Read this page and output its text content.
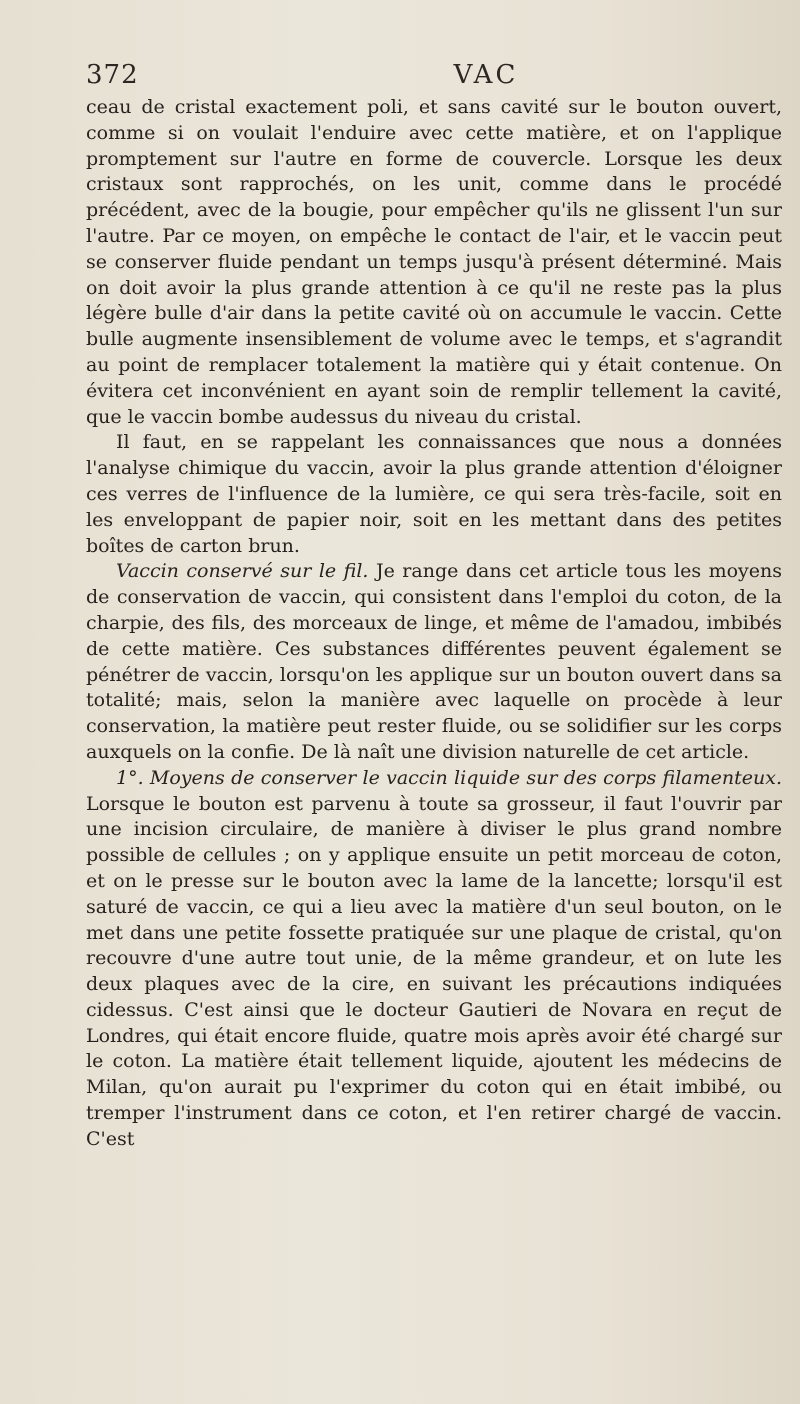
372	VAC

ceau de cristal exactement poli, et sans cavité sur le bouton ouvert, comme si on voulait l'enduire avec cette matière, et on l'applique promptement sur l'autre en forme de couvercle. Lorsque les deux cristaux sont rapprochés, on les unit, comme dans le procédé précédent, avec de la bougie, pour empêcher qu'ils ne glissent l'un sur l'autre. Par ce moyen, on empêche le contact de l'air, et le vaccin peut se conserver fluide pendant un temps jusqu'à présent déterminé. Mais on doit avoir la plus grande attention à ce qu'il ne reste pas la plus légère bulle d'air dans la petite cavité où on accumule le vaccin. Cette bulle augmente insensiblement de volume avec le temps, et s'agrandit au point de remplacer totalement la matière qui y était contenue. On évitera cet inconvénient en ayant soin de remplir tellement la cavité, que le vaccin bombe audessus du niveau du cristal.

Il faut, en se rappelant les connaissances que nous a données l'analyse chimique du vaccin, avoir la plus grande attention d'éloigner ces verres de l'influence de la lumière, ce qui sera très-facile, soit en les enveloppant de papier noir, soit en les mettant dans des petites boîtes de carton brun.

Vaccin conservé sur le fil. Je range dans cet article tous les moyens de conservation de vaccin, qui consistent dans l'emploi du coton, de la charpie, des fils, des morceaux de linge, et même de l'amadou, imbibés de cette matière. Ces substances différentes peuvent également se pénétrer de vaccin, lorsqu'on les applique sur un bouton ouvert dans sa totalité; mais, selon la manière avec laquelle on procède à leur conservation, la matière peut rester fluide, ou se solidifier sur les corps auxquels on la confie. De là naît une division naturelle de cet article.

1°. Moyens de conserver le vaccin liquide sur des corps filamenteux. Lorsque le bouton est parvenu à toute sa grosseur, il faut l'ouvrir par une incision circulaire, de manière à diviser le plus grand nombre possible de cellules ; on y applique ensuite un petit morceau de coton, et on le presse sur le bouton avec la lame de la lancette; lorsqu'il est saturé de vaccin, ce qui a lieu avec la matière d'un seul bouton, on le met dans une petite fossette pratiquée sur une plaque de cristal, qu'on recouvre d'une autre tout unie, de la même grandeur, et on lute les deux plaques avec de la cire, en suivant les précautions indiquées cidessus. C'est ainsi que le docteur Gautieri de Novara en reçut de Londres, qui était encore fluide, quatre mois après avoir été chargé sur le coton. La matière était tellement liquide, ajoutent les médecins de Milan, qu'on aurait pu l'exprimer du coton qui en était imbibé, ou tremper l'instrument dans ce coton, et l'en retirer chargé de vaccin. C'est
